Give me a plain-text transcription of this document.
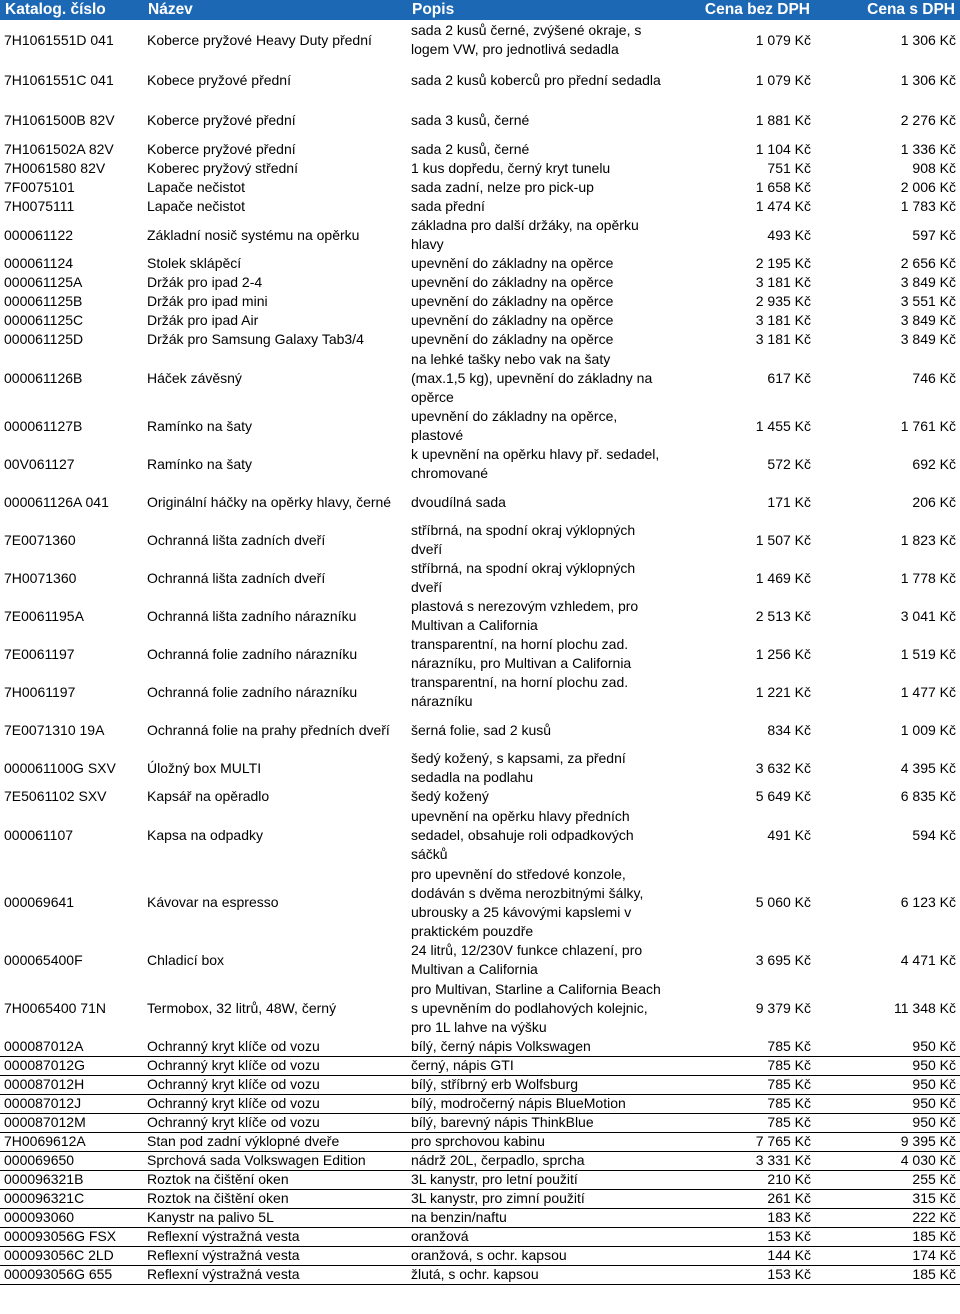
Katalog. číslo	Název	Popis	Cena bez DPH	Cena s DPH
7H1061551D 041	Koberce pryžové Heavy Duty přední	sada 2 kusů černé, zvýšené okraje, s logem VW, pro jednotlivá sedadla	1 079 Kč	1 306 Kč
7H1061551C 041	Kobece pryžové přední	sada 2 kusů koberců pro přední sedadla	1 079 Kč	1 306 Kč
7H1061500B 82V	Koberce pryžové přední	sada 3 kusů, černé	1 881 Kč	2 276 Kč
7H1061502A 82V	Koberce pryžové přední	sada 2 kusů, černé	1 104 Kč	1 336 Kč
7H0061580 82V	Koberec pryžový střední	1 kus dopředu, černý kryt tunelu	751 Kč	908 Kč
7F0075101	Lapače nečistot	sada zadní, nelze pro pick-up	1 658 Kč	2 006 Kč
7H0075111	Lapače nečistot	sada přední	1 474 Kč	1 783 Kč
000061122	Základní nosič systému na opěrku	základna pro další držáky, na opěrku hlavy	493 Kč	597 Kč
000061124	Stolek sklápěcí	upevnění do základny na opěrce	2 195 Kč	2 656 Kč
000061125A	Držák pro ipad 2-4	upevnění do základny na opěrce	3 181 Kč	3 849 Kč
000061125B	Držák pro ipad mini	upevnění do základny na opěrce	2 935 Kč	3 551 Kč
000061125C	Držák pro ipad Air	upevnění do základny na opěrce	3 181 Kč	3 849 Kč
000061125D	Držák pro Samsung Galaxy Tab3/4	upevnění do základny na opěrce	3 181 Kč	3 849 Kč
000061126B	Háček závěsný	na lehké tašky nebo vak na šaty (max.1,5 kg), upevnění do základny na opěrce	617 Kč	746 Kč
000061127B	Ramínko na šaty	upevnění do základny na opěrce, plastové	1 455 Kč	1 761 Kč
00V061127	Ramínko na šaty	k upevnění na opěrku hlavy př. sedadel, chromované	572 Kč	692 Kč
000061126A 041	Originální háčky na opěrky hlavy, černé	dvoudílná sada	171 Kč	206 Kč
7E0071360	Ochranná lišta zadních dveří	stříbrná, na spodní okraj výklopných dveří	1 507 Kč	1 823 Kč
7H0071360	Ochranná lišta zadních dveří	stříbrná, na spodní okraj výklopných dveří	1 469 Kč	1 778 Kč
7E0061195A	Ochranná lišta zadního nárazníku	plastová s nerezovým vzhledem, pro Multivan a California	2 513 Kč	3 041 Kč
7E0061197	Ochranná folie zadního nárazníku	transparentní, na horní plochu zad. nárazníku, pro Multivan a California	1 256 Kč	1 519 Kč
7H0061197	Ochranná folie zadního nárazníku	transparentní, na horní plochu zad. nárazníku	1 221 Kč	1 477 Kč
7E0071310 19A	Ochranná folie na prahy předních dveří	šerná folie, sad 2 kusů	834 Kč	1 009 Kč
000061100G SXV	Úložný box MULTI	šedý kožený, s kapsami, za přední sedadla na podlahu	3 632 Kč	4 395 Kč
7E5061102 SXV	Kapsář na opěradlo	šedý kožený	5 649 Kč	6 835 Kč
000061107	Kapsa na odpadky	upevnění na opěrku hlavy předních sedadel, obsahuje roli odpadkových sáčků	491 Kč	594 Kč
000069641	Kávovar na espresso	pro upevnění do středové konzole, dodáván s dvěma nerozbitnými šálky, ubrousky a 25 kávovými kapslemi v praktickém pouzdře	5 060 Kč	6 123 Kč
000065400F	Chladicí box	24 litrů, 12/230V funkce chlazení, pro Multivan a California	3 695 Kč	4 471 Kč
7H0065400 71N	Termobox, 32 litrů, 48W, černý	pro Multivan, Starline a California Beach s upevněním do podlahových kolejnic, pro 1L lahve na výšku	9 379 Kč	11 348 Kč
000087012A	Ochranný kryt klíče od vozu	bílý, černý nápis Volkswagen	785 Kč	950 Kč
000087012G	Ochranný kryt klíče od vozu	černý, nápis GTI	785 Kč	950 Kč
000087012H	Ochranný kryt klíče od vozu	bílý, stříbrný erb Wolfsburg	785 Kč	950 Kč
000087012J	Ochranný kryt klíče od vozu	bílý, modročerný nápis BlueMotion	785 Kč	950 Kč
000087012M	Ochranný kryt klíče od vozu	bílý, barevný nápis ThinkBlue	785 Kč	950 Kč
7H0069612A	Stan pod zadní výklopné dveře	pro sprchovou kabinu	7 765 Kč	9 395 Kč
000069650	Sprchová sada Volkswagen Edition	nádrž 20L, čerpadlo, sprcha	3 331 Kč	4 030 Kč
000096321B	Roztok na čištění oken	3L kanystr, pro letní použití	210 Kč	255 Kč
000096321C	Roztok na čištění oken	3L kanystr, pro zimní použití	261 Kč	315 Kč
000093060	Kanystr na palivo 5L	na benzin/naftu	183 Kč	222 Kč
000093056G FSX	Reflexní výstražná vesta	oranžová	153 Kč	185 Kč
000093056C 2LD	Reflexní výstražná vesta	oranžová, s ochr. kapsou	144 Kč	174 Kč
000093056G 655	Reflexní výstražná vesta	žlutá, s ochr. kapsou	153 Kč	185 Kč
